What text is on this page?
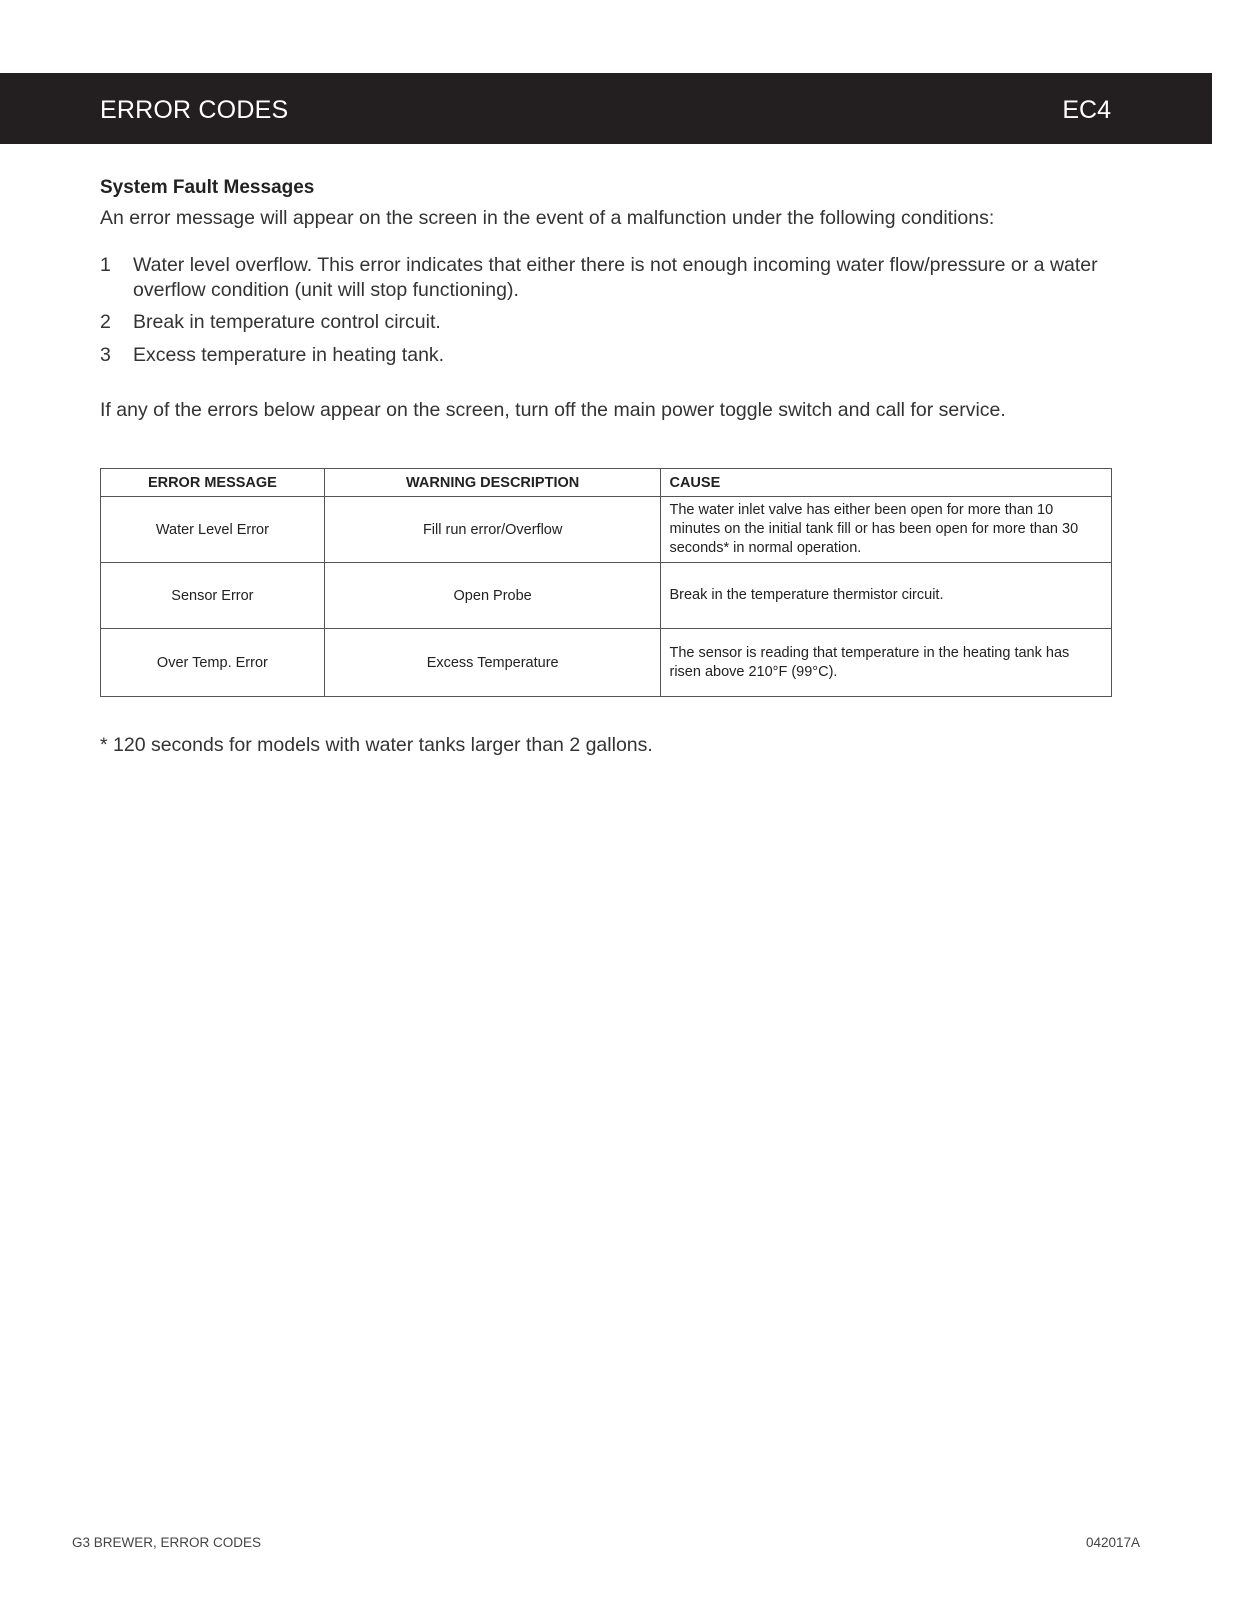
ERROR CODES	EC4
System Fault Messages

An error message will appear on the screen in the event of a malfunction under the following conditions:

1 Water level overflow. This error indicates that either there is not enough incoming water flow/pressure or a water overflow condition (unit will stop functioning).
2 Break in temperature control circuit.
3 Excess temperature in heating tank.

If any of the errors below appear on the screen, turn off the main power toggle switch and call for service.

ERROR MESSAGE	WARNING DESCRIPTION	CAUSE
Water Level Error	Fill run error/Overflow	The water inlet valve has either been open for more than 10 minutes on the initial tank fill or has been open for more than 30 seconds* in normal operation.
Sensor Error	Open Probe	Break in the temperature thermistor circuit.
Over Temp. Error	Excess Temperature	The sensor is reading that temperature in the heating tank has risen above 210°F (99°C).
* 120 seconds for models with water tanks larger than 2 gallons.
G3 BREWER, ERROR CODES	042017A
